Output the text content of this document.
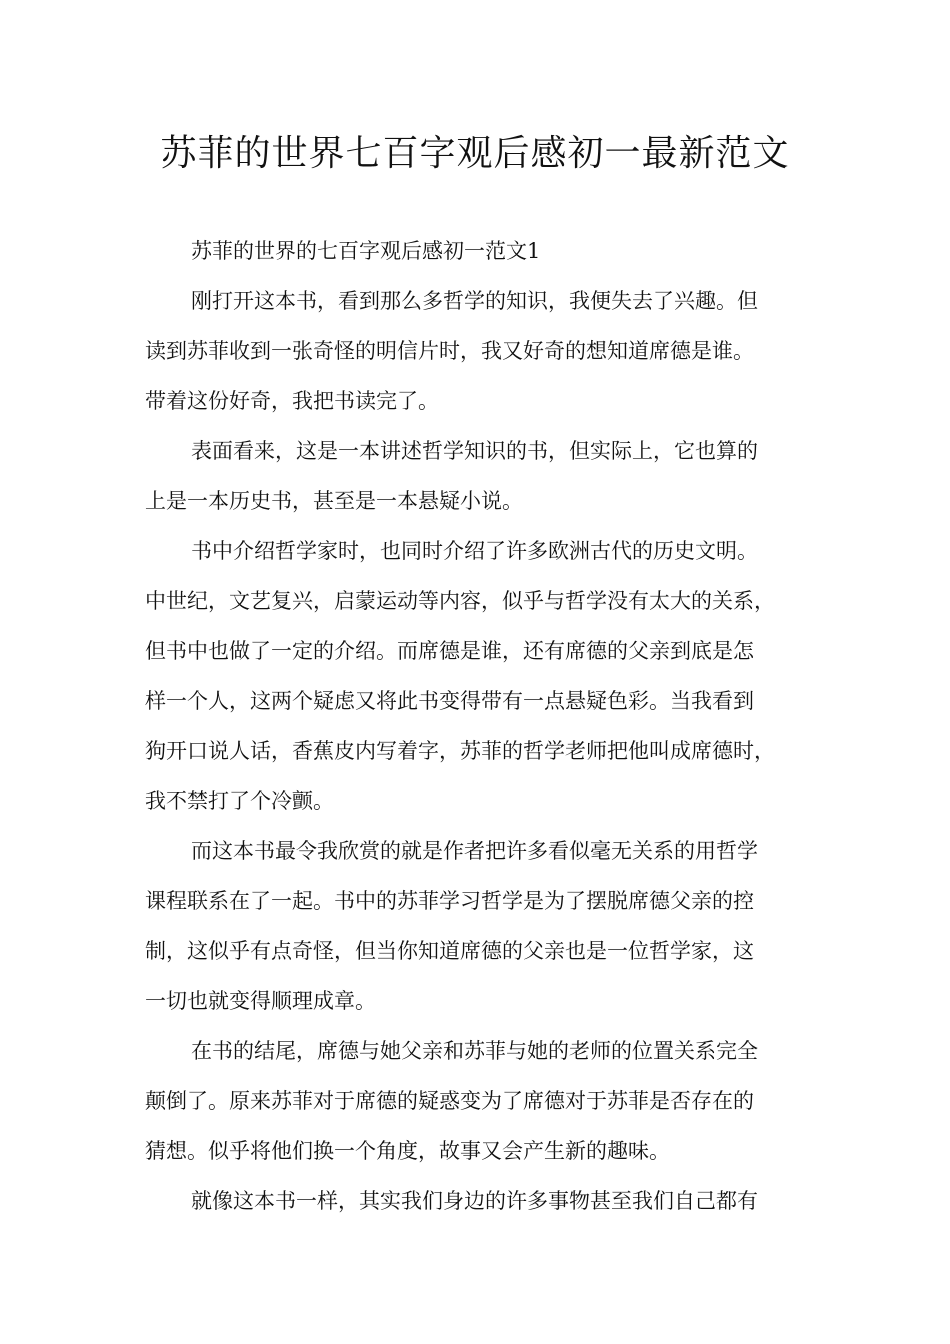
苏菲的世界七百字观后感初一最新范文
苏菲的世界的七百字观后感初一范文1
刚打开这本书，看到那么多哲学的知识，我便失去了兴趣。但
读到苏菲收到一张奇怪的明信片时，我又好奇的想知道席德是谁。
带着这份好奇，我把书读完了。
表面看来，这是一本讲述哲学知识的书，但实际上，它也算的
上是一本历史书，甚至是一本悬疑小说。
书中介绍哲学家时，也同时介绍了许多欧洲古代的历史文明。
中世纪，文艺复兴，启蒙运动等内容，似乎与哲学没有太大的关系，
但书中也做了一定的介绍。而席德是谁，还有席德的父亲到底是怎
样一个人，这两个疑虑又将此书变得带有一点悬疑色彩。当我看到
狗开口说人话，香蕉皮内写着字，苏菲的哲学老师把他叫成席德时，
我不禁打了个冷颤。
而这本书最令我欣赏的就是作者把许多看似毫无关系的用哲学
课程联系在了一起。书中的苏菲学习哲学是为了摆脱席德父亲的控
制，这似乎有点奇怪，但当你知道席德的父亲也是一位哲学家，这
一切也就变得顺理成章。
在书的结尾，席德与她父亲和苏菲与她的老师的位置关系完全
颠倒了。原来苏菲对于席德的疑惑变为了席德对于苏菲是否存在的
猜想。似乎将他们换一个角度，故事又会产生新的趣味。
就像这本书一样，其实我们身边的许多事物甚至我们自己都有
